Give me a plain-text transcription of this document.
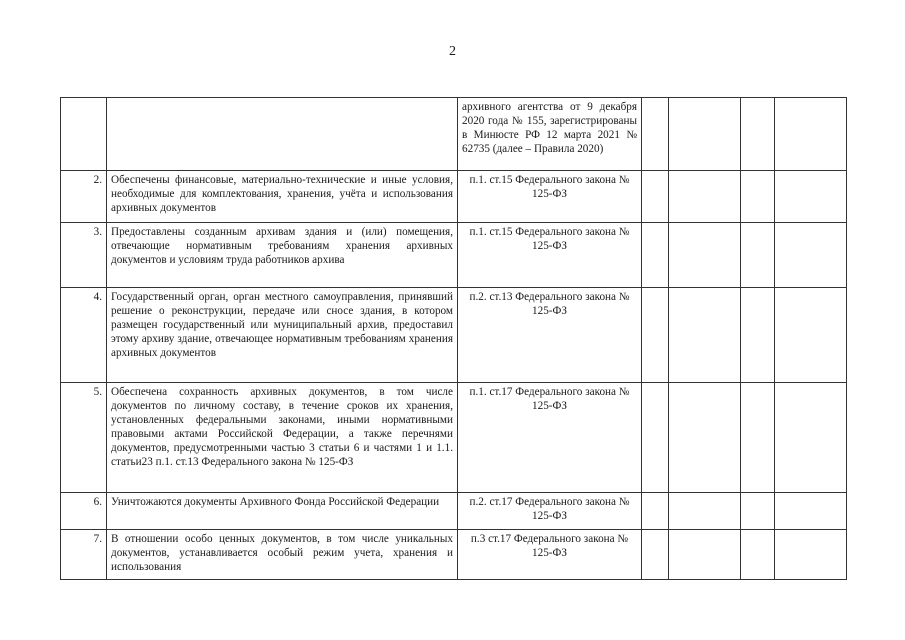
2
		архивного агентства от 9 декабря 2020 года № 155, зарегистрированы в Минюсте РФ 12 марта 2021 № 62735 (далее – Правила 2020)				
2.	Обеспечены финансовые, материально-технические и иные условия, необходимые для комплектования, хранения, учёта и использования архивных документов	п.1. ст.15 Федерального закона № 125-ФЗ				
3.	Предоставлены созданным архивам здания и (или) помещения, отвечающие нормативным требованиям хранения архивных документов и условиям труда работников архива	п.1. ст.15 Федерального закона № 125-ФЗ				
4.	Государственный орган, орган местного самоуправления, принявший решение о реконструкции, передаче или сносе здания, в котором размещен государственный или муниципальный архив, предоставил этому архиву здание, отвечающее нормативным требованиям хранения архивных документов	п.2. ст.13 Федерального закона № 125-ФЗ				
5.	Обеспечена сохранность архивных документов, в том числе документов по личному составу, в течение сроков их хранения, установленных федеральными законами, иными нормативными правовыми актами Российской Федерации, а также перечнями документов, предусмотренными частью 3 статьи 6 и частями 1 и 1.1. статьи23 п.1. ст.13 Федерального закона № 125-ФЗ	п.1. ст.17 Федерального закона № 125-ФЗ				
6.	Уничтожаются документы Архивного Фонда Российской Федерации	п.2. ст.17 Федерального закона № 125-ФЗ				
7.	В отношении особо ценных документов, в том числе уникальных документов, устанавливается особый режим учета, хранения и использования	п.3 ст.17 Федерального закона № 125-ФЗ				
